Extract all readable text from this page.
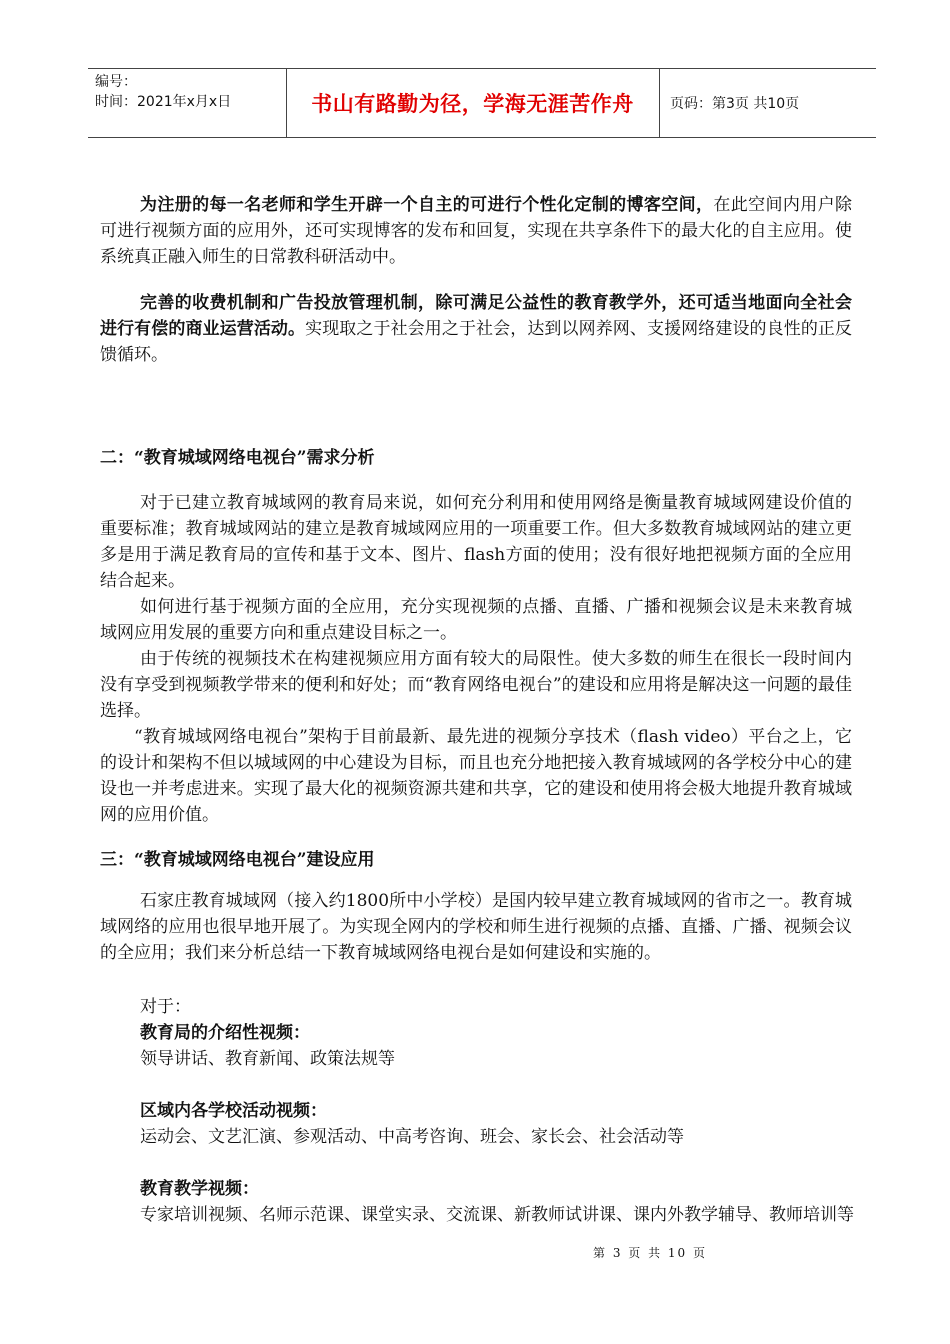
编号：
时间：2021年x月x日	书山有路勤为径，学海无涯苦作舟	页码：第3页 共10页

为注册的每一名老师和学生开辟一个自主的可进行个性化定制的博客空间，在此空间内用户除可进行视频方面的应用外，还可实现博客的发布和回复，实现在共享条件下的最大化的自主应用。使系统真正融入师生的日常教科研活动中。

完善的收费机制和广告投放管理机制，除可满足公益性的教育教学外，还可适当地面向全社会进行有偿的商业运营活动。实现取之于社会用之于社会，达到以网养网、支援网络建设的良性的正反馈循环。

二：“教育城域网络电视台”需求分析

对于已建立教育城域网的教育局来说，如何充分利用和使用网络是衡量教育城域网建设价值的重要标准；教育城域网站的建立是教育城域网应用的一项重要工作。但大多数教育城域网站的建立更多是用于满足教育局的宣传和基于文本、图片、flash方面的使用；没有很好地把视频方面的全应用结合起来。

如何进行基于视频方面的全应用，充分实现视频的点播、直播、广播和视频会议是未来教育城域网应用发展的重要方向和重点建设目标之一。

由于传统的视频技术在构建视频应用方面有较大的局限性。使大多数的师生在很长一段时间内没有享受到视频教学带来的便利和好处；而“教育网络电视台”的建设和应用将是解决这一问题的最佳选择。

“教育城域网络电视台”架构于目前最新、最先进的视频分享技术（flash video）平台之上，它的设计和架构不但以城域网的中心建设为目标，而且也充分地把接入教育城域网的各学校分中心的建设也一并考虑进来。实现了最大化的视频资源共建和共享，它的建设和使用将会极大地提升教育城域网的应用价值。

三：“教育城域网络电视台”建设应用

石家庄教育城域网（接入约1800所中小学校）是国内较早建立教育城域网的省市之一。教育城域网络的应用也很早地开展了。为实现全网内的学校和师生进行视频的点播、直播、广播、视频会议的全应用；我们来分析总结一下教育城域网络电视台是如何建设和实施的。

对于：
教育局的介绍性视频：
领导讲话、教育新闻、政策法规等
区域内各学校活动视频：
运动会、文艺汇演、参观活动、中高考咨询、班会、家长会、社会活动等
教育教学视频：
专家培训视频、名师示范课、课堂实录、交流课、新教师试讲课、课内外教学辅导、教师培训等
第 3 页 共 10 页
